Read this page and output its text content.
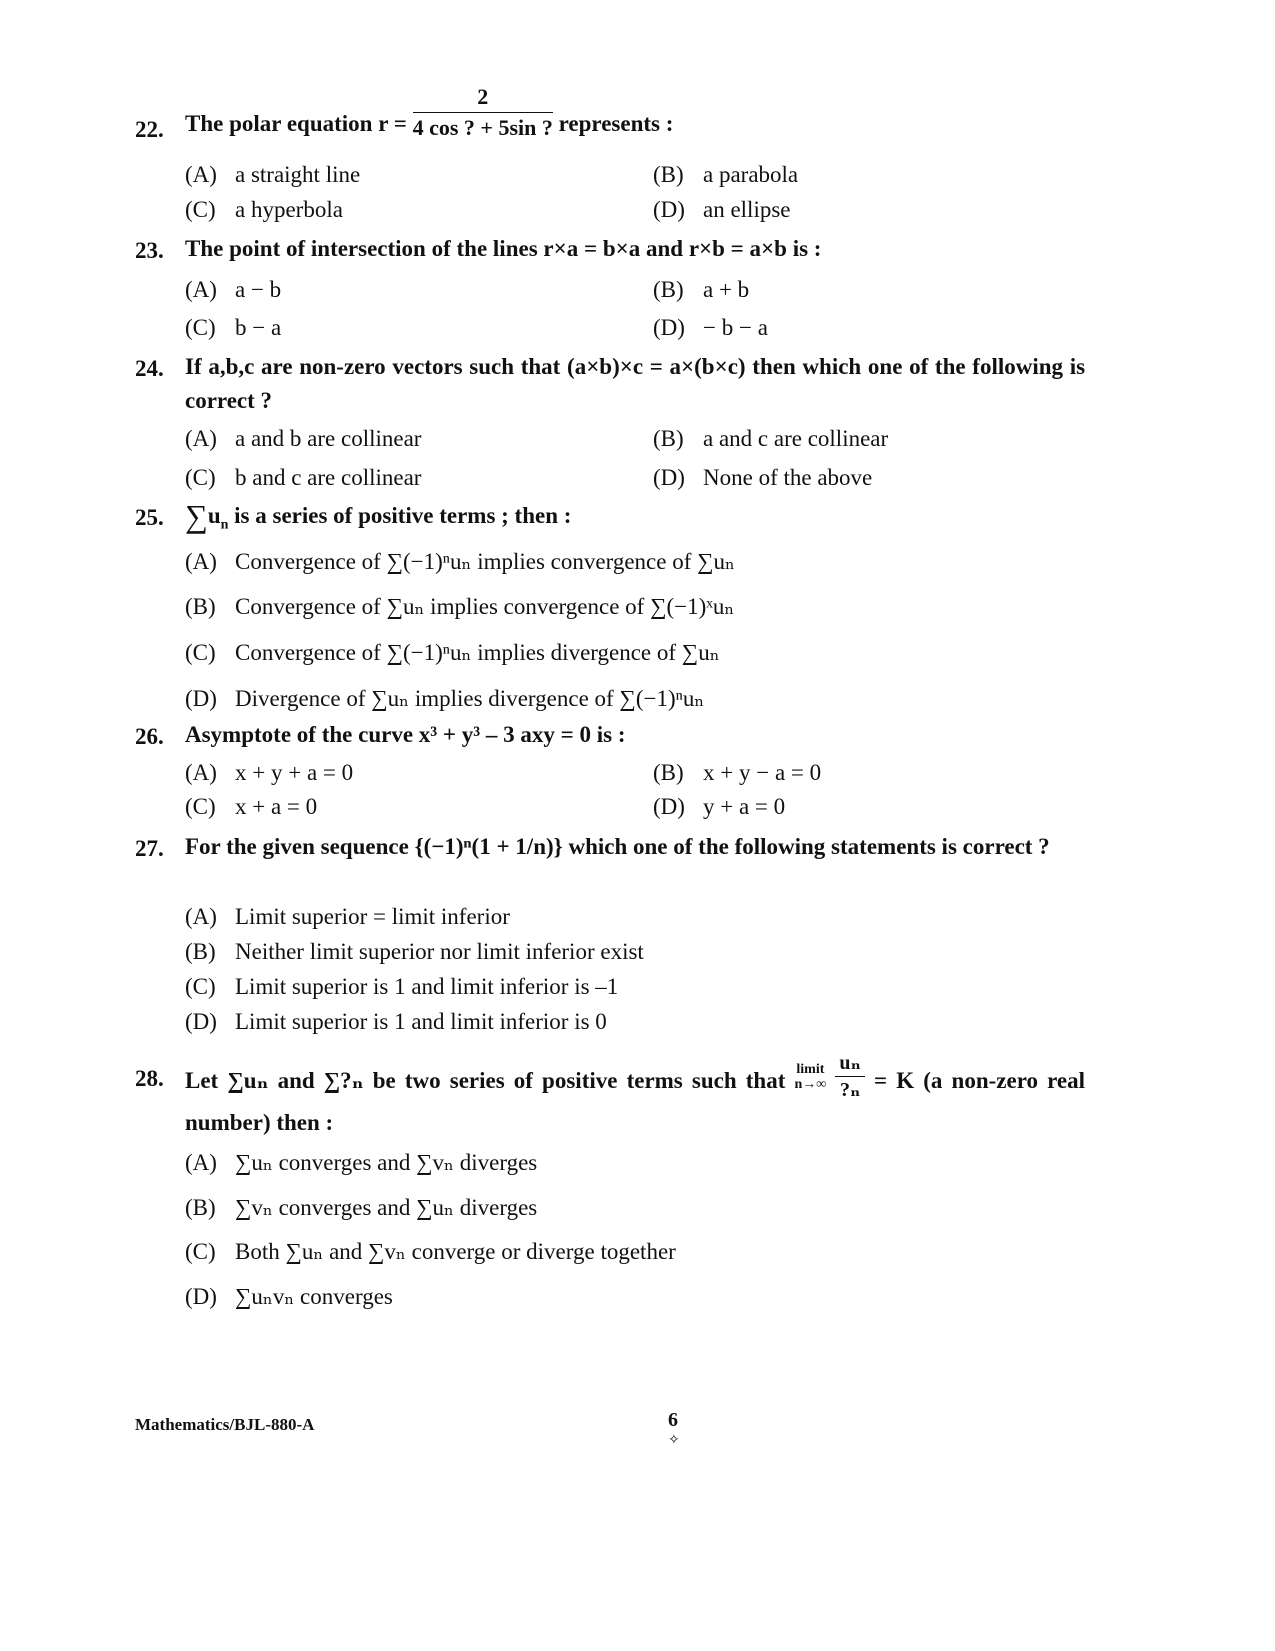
22. The polar equation $r = \frac{2}{4 \cos ? + 5\sin ?}$ represents :
(A) a straight line	(B) a parabola
(C) a hyperbola	(D) an ellipse
23. The point of intersection of the lines r×a = b×a and r×b = a×b is :
(A) a − b	(B) a + b
(C) b − a	(D) − b − a
24. If a,b,c are non-zero vectors such that (a×b)×c = a×(b×c) then which one of the following is correct ?
(A) a and b are collinear	(B) a and c are collinear
(C) b and c are collinear	(D) None of the above
25. $\sum u_n$ is a series of positive terms ; then :
(A) Convergence of ∑(−1)ⁿuₙ implies convergence of ∑uₙ
(B) Convergence of ∑uₙ implies convergence of ∑(−1)ˣuₙ
(C) Convergence of ∑(−1)ⁿuₙ implies divergence of ∑uₙ
(D) Divergence of ∑uₙ implies divergence of ∑(−1)ⁿuₙ
26. Asymptote of the curve x³ + y³ – 3 axy = 0 is :
(A) x + y + a = 0	(B) x + y − a = 0
(C) x + a = 0	(D) y + a = 0
27. For the given sequence {(−1)ⁿ(1 + 1/n)} which one of the following statements is correct ?
(A) Limit superior = limit inferior
(B) Neither limit superior nor limit inferior exist
(C) Limit superior is 1 and limit inferior is –1
(D) Limit superior is 1 and limit inferior is 0
28. Let ∑uₙ and ∑?ₙ be two series of positive terms such that limit
n→∞
$\frac{\text{uₙ}}{\text{?ₙ}} = K$ (a non-zero real number) then :
(A) ∑uₙ converges and ∑vₙ diverges
(B) ∑vₙ converges and ∑uₙ diverges
(C) Both ∑uₙ and ∑vₙ converge or diverge together
(D) ∑uₙvₙ converges
Mathematics/BJL-880-A	6
✧
